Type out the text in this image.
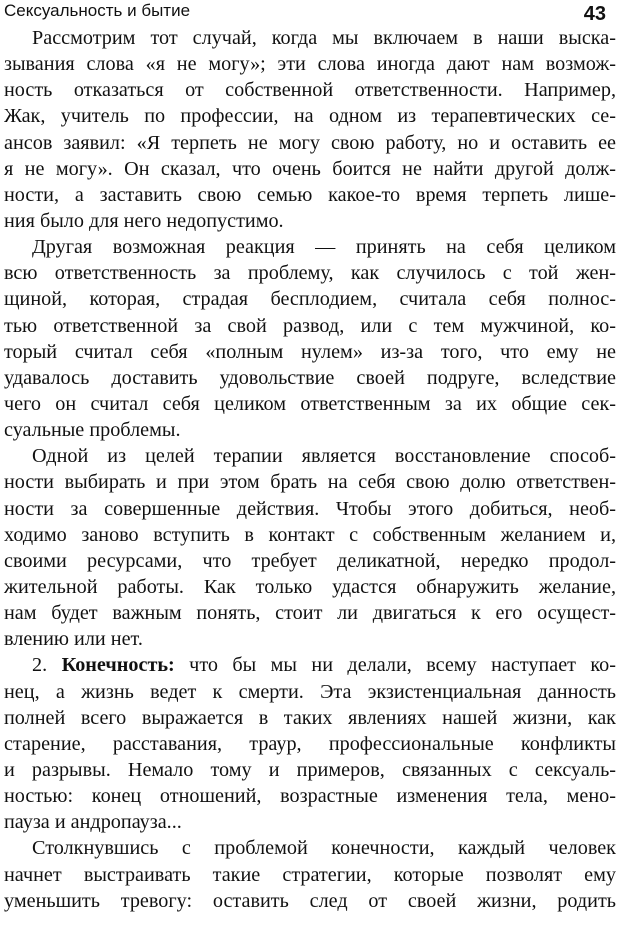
Сексуальность и бытие	43
Рассмотрим тот случай, когда мы включаем в наши выска-
зывания слова «я не могу»; эти слова иногда дают нам возмож-
ность отказаться от собственной ответственности. Например,
Жак, учитель по профессии, на одном из терапевтических се-
ансов заявил: «Я терпеть не могу свою работу, но и оставить ее
я не могу». Он сказал, что очень боится не найти другой долж-
ности, а заставить свою семью какое-то время терпеть лише-
ния было для него недопустимо.
Другая возможная реакция — принять на себя целиком
всю ответственность за проблему, как случилось с той жен-
щиной, которая, страдая бесплодием, считала себя полнос-
тью ответственной за свой развод, или с тем мужчиной, ко-
торый считал себя «полным нулем» из-за того, что ему не
удавалось доставить удовольствие своей подруге, вследствие
чего он считал себя целиком ответственным за их общие сек-
суальные проблемы.
Одной из целей терапии является восстановление способ-
ности выбирать и при этом брать на себя свою долю ответствен-
ности за совершенные действия. Чтобы этого добиться, необ-
ходимо заново вступить в контакт с собственным желанием и,
своими ресурсами, что требует деликатной, нередко продол-
жительной работы. Как только удастся обнаружить желание,
нам будет важным понять, стоит ли двигаться к его осущест-
влению или нет.
2. Конечность: что бы мы ни делали, всему наступает ко-
нец, а жизнь ведет к смерти. Эта экзистенциальная данность
полней всего выражается в таких явлениях нашей жизни, как
старение, расставания, траур, профессиональные конфликты
и разрывы. Немало тому и примеров, связанных с сексуаль-
ностью: конец отношений, возрастные изменения тела, мено-
пауза и андропауза...
Столкнувшись с проблемой конечности, каждый человек
начнет выстраивать такие стратегии, которые позволят ему
уменьшить тревогу: оставить след от своей жизни, родить
